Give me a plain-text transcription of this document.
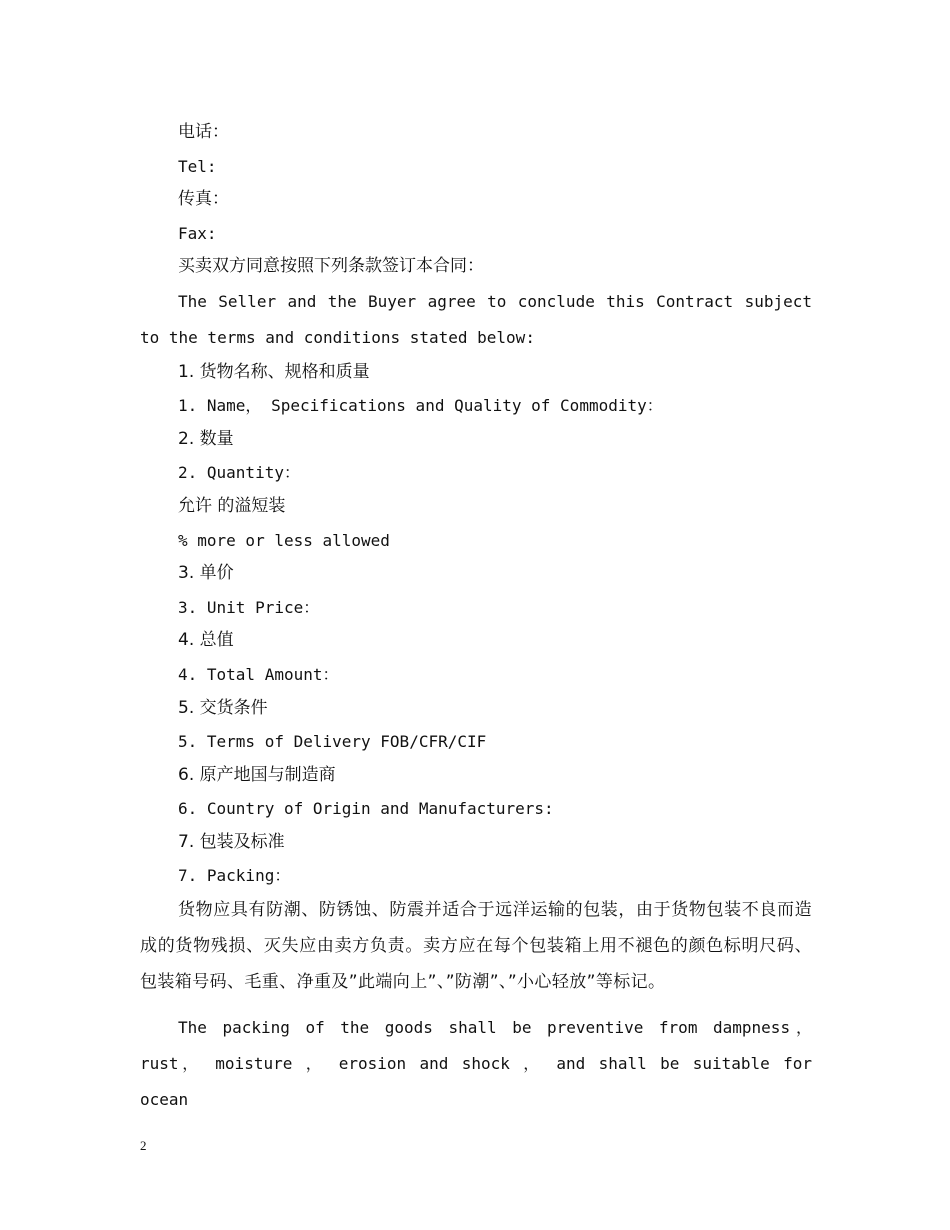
电话：
Tel:
传真：
Fax:
买卖双方同意按照下列条款签订本合同：

The Seller and the Buyer agree to conclude this Contract subject to the terms and conditions stated below:

1. 货物名称、规格和质量
1. Name， Specifications and Quality of Commodity：
2. 数量
2. Quantity：
允许 的溢短装
% more or less allowed
3. 单价
3. Unit Price：
4. 总值
4. Total Amount：
5. 交货条件
5. Terms of Delivery FOB/CFR/CIF
6. 原产地国与制造商
6. Country of Origin and Manufacturers:
7. 包装及标准
7. Packing：

货物应具有防潮、防锈蚀、防震并适合于远洋运输的包装，由于货物包装不良而造成的货物残损、灭失应由卖方负责。卖方应在每个包装箱上用不褪色的颜色标明尺码、包装箱号码、毛重、净重及”此端向上”、”防潮”、”小心轻放”等标记。

The packing of the goods shall be preventive from dampness， rust， moisture ， erosion and shock ， and shall be suitable for ocean

2
